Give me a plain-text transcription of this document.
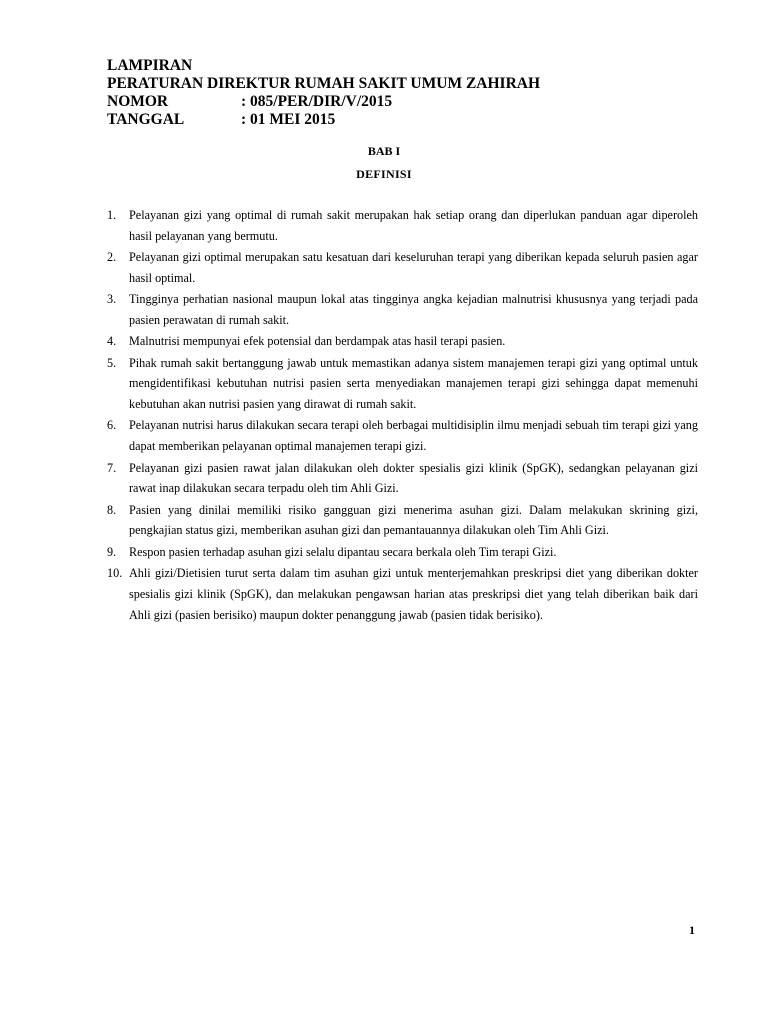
LAMPIRAN
PERATURAN DIREKTUR RUMAH SAKIT UMUM ZAHIRAH
NOMOR	: 085/PER/DIR/V/2015
TANGGAL	: 01 MEI 2015
BAB I
DEFINISI
1.	Pelayanan gizi yang optimal di rumah sakit merupakan hak setiap orang dan diperlukan panduan agar diperoleh hasil pelayanan yang bermutu.
2.	Pelayanan gizi optimal merupakan satu kesatuan dari keseluruhan terapi yang diberikan kepada seluruh pasien agar hasil optimal.
3.	Tingginya perhatian nasional maupun lokal atas tingginya angka kejadian malnutrisi khususnya yang terjadi pada pasien perawatan di rumah sakit.
4.	Malnutrisi mempunyai efek potensial dan berdampak atas hasil terapi pasien.
5.	Pihak rumah sakit bertanggung jawab untuk memastikan adanya sistem manajemen terapi gizi yang optimal untuk mengidentifikasi kebutuhan nutrisi pasien serta menyediakan manajemen terapi gizi sehingga dapat memenuhi kebutuhan akan nutrisi pasien yang dirawat di rumah sakit.
6.	Pelayanan nutrisi harus dilakukan secara terapi oleh berbagai multidisiplin ilmu menjadi sebuah tim terapi gizi yang dapat memberikan pelayanan optimal manajemen terapi gizi.
7.	Pelayanan gizi pasien rawat jalan dilakukan oleh dokter spesialis gizi klinik (SpGK), sedangkan pelayanan gizi rawat inap dilakukan secara terpadu oleh tim Ahli Gizi.
8.	Pasien yang dinilai memiliki risiko gangguan gizi menerima asuhan gizi. Dalam melakukan skrining gizi, pengkajian status gizi, memberikan asuhan gizi dan pemantauannya dilakukan oleh Tim Ahli Gizi.
9.	Respon pasien terhadap asuhan gizi selalu dipantau secara berkala oleh Tim terapi Gizi.
10. Ahli gizi/Dietisien turut serta dalam tim asuhan gizi untuk menterjemahkan preskripsi diet yang diberikan dokter spesialis gizi klinik (SpGK), dan melakukan pengawsan harian atas preskripsi diet yang telah diberikan baik dari Ahli gizi (pasien berisiko) maupun dokter penanggung jawab (pasien tidak berisiko).
1
